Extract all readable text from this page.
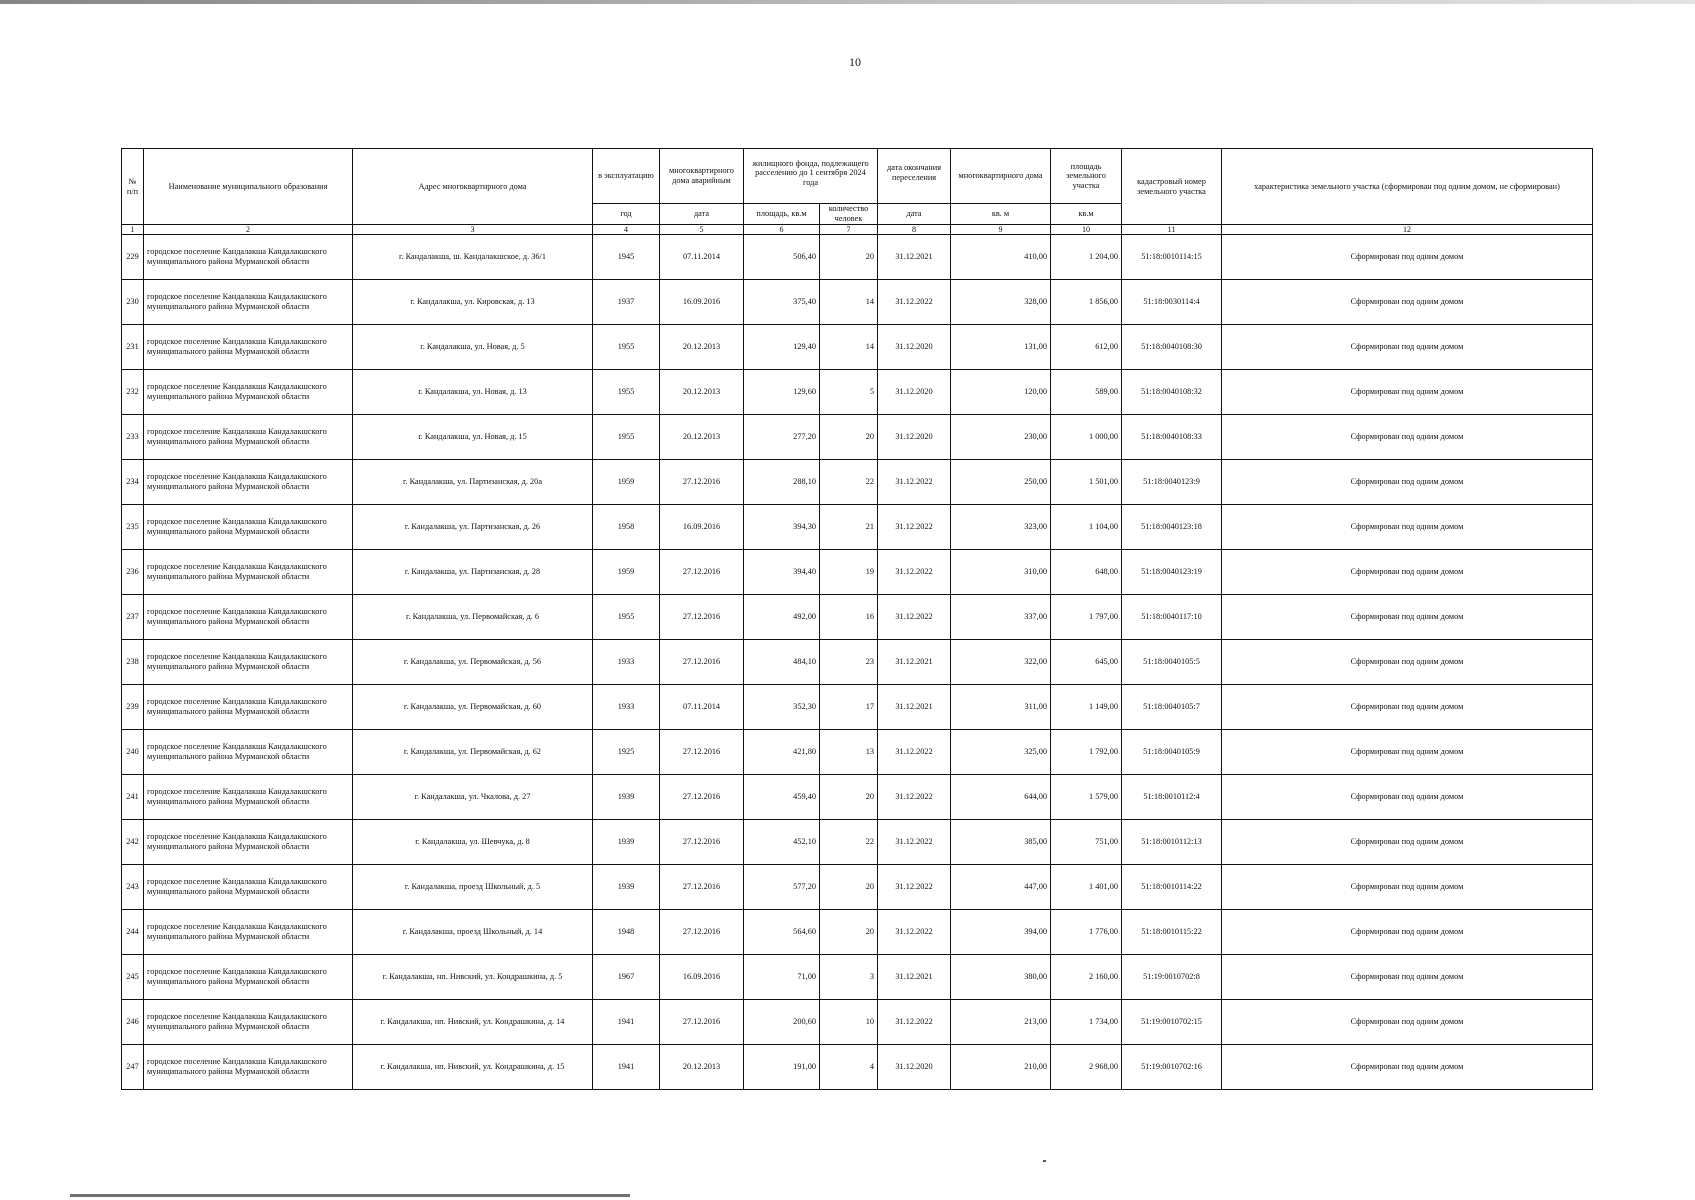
10
№ п/п	Наименование муниципального образования	Адрес многоквартирного дома	в эксплуатацию	многоквартирного дома аварийным	жилищного фонда, подлежащего расселению до 1 сентября 2024 года		дата окончания переселения	многоквартирного дома	площадь земельного участка	кадастровый номер земельного участка	характеристика земельного участка (сформирован под одним домом, не сформирован)
			год	дата	площадь, кв.м	количество человек	дата	кв. м	кв.м		
1	2	3	4	5	6	7	8	9	10	11	12
229	городское поселение Кандалакша Кандалакшского муниципального района Мурманской области	г. Кандалакша, ш. Кандалакшское, д. 36/1	1945	07.11.2014	506,40	20	31.12.2021	410,00	1 204,00	51:18:0010114:15	Сформирован под одним домом
230	городское поселение Кандалакша Кандалакшского муниципального района Мурманской области	г. Кандалакша, ул. Кировская, д. 13	1937	16.09.2016	375,40	14	31.12.2022	328,00	1 856,00	51:18:0030114:4	Сформирован под одним домом
231	городское поселение Кандалакша Кандалакшского муниципального района Мурманской области	г. Кандалакша, ул. Новая, д. 5	1955	20.12.2013	129,40	14	31.12.2020	131,00	612,00	51:18:0040108:30	Сформирован под одним домом
232	городское поселение Кандалакша Кандалакшского муниципального района Мурманской области	г. Кандалакша, ул. Новая, д. 13	1955	20.12.2013	129,60	5	31.12.2020	120,00	589,00	51:18:0040108:32	Сформирован под одним домом
233	городское поселение Кандалакша Кандалакшского муниципального района Мурманской области	г. Кандалакша, ул. Новая, д. 15	1955	20.12.2013	277,20	20	31.12.2020	230,00	1 000,00	51:18:0040108:33	Сформирован под одним домом
234	городское поселение Кандалакша Кандалакшского муниципального района Мурманской области	г. Кандалакша, ул. Партизанская, д. 20а	1959	27.12.2016	288,10	22	31.12.2022	250,00	1 501,00	51:18:0040123:9	Сформирован под одним домом
235	городское поселение Кандалакша Кандалакшского муниципального района Мурманской области	г. Кандалакша, ул. Партизанская, д. 26	1958	16.09.2016	394,30	21	31.12.2022	323,00	1 104,00	51:18:0040123:18	Сформирован под одним домом
236	городское поселение Кандалакша Кандалакшского муниципального района Мурманской области	г. Кандалакша, ул. Партизанская, д. 28	1959	27.12.2016	394,40	19	31.12.2022	310,00	648,00	51:18:0040123:19	Сформирован под одним домом
237	городское поселение Кандалакша Кандалакшского муниципального района Мурманской области	г. Кандалакша, ул. Первомайская, д. 6	1955	27.12.2016	492,00	16	31.12.2022	337,00	1 797,00	51:18:0040117:10	Сформирован под одним домом
238	городское поселение Кандалакша Кандалакшского муниципального района Мурманской области	г. Кандалакша, ул. Первомайская, д. 56	1933	27.12.2016	484,10	23	31.12.2021	322,00	645,00	51:18:0040105:5	Сформирован под одним домом
239	городское поселение Кандалакша Кандалакшского муниципального района Мурманской области	г. Кандалакша, ул. Первомайская, д. 60	1933	07.11.2014	352,30	17	31.12.2021	311,00	1 149,00	51:18:0040105:7	Сформирован под одним домом
240	городское поселение Кандалакша Кандалакшского муниципального района Мурманской области	г. Кандалакша, ул. Первомайская, д. 62	1925	27.12.2016	421,80	13	31.12.2022	325,00	1 792,00	51:18:0040105:9	Сформирован под одним домом
241	городское поселение Кандалакша Кандалакшского муниципального района Мурманской области	г. Кандалакша, ул. Чкалова, д. 27	1939	27.12.2016	459,40	20	31.12.2022	644,00	1 579,00	51:18:0010112:4	Сформирован под одним домом
242	городское поселение Кандалакша Кандалакшского муниципального района Мурманской области	г. Кандалакша, ул. Шевчука, д. 8	1939	27.12.2016	452,10	22	31.12.2022	385,00	751,00	51:18:0010112:13	Сформирован под одним домом
243	городское поселение Кандалакша Кандалакшского муниципального района Мурманской области	г. Кандалакша, проезд Школьный, д. 5	1939	27.12.2016	577,20	20	31.12.2022	447,00	1 401,00	51:18:0010114:22	Сформирован под одним домом
244	городское поселение Кандалакша Кандалакшского муниципального района Мурманской области	г. Кандалакша, проезд Школьный, д. 14	1948	27.12.2016	564,60	20	31.12.2022	394,00	1 776,00	51:18:0010115:22	Сформирован под одним домом
245	городское поселение Кандалакша Кандалакшского муниципального района Мурманской области	г. Кандалакша, нп. Нивский, ул. Кондрашкина, д. 5	1967	16.09.2016	71,00	3	31.12.2021	380,00	2 160,00	51:19:0010702:8	Сформирован под одним домом
246	городское поселение Кандалакша Кандалакшского муниципального района Мурманской области	г. Кандалакша, нп. Нивский, ул. Кондрашкина, д. 14	1941	27.12.2016	200,60	10	31.12.2022	213,00	1 734,00	51:19:0010702:15	Сформирован под одним домом
247	городское поселение Кандалакша Кандалакшского муниципального района Мурманской области	г. Кандалакша, нп. Нивский, ул. Кондрашкина, д. 15	1941	20.12.2013	191,00	4	31.12.2020	210,00	2 968,00	51:19:0010702:16	Сформирован под одним домом
